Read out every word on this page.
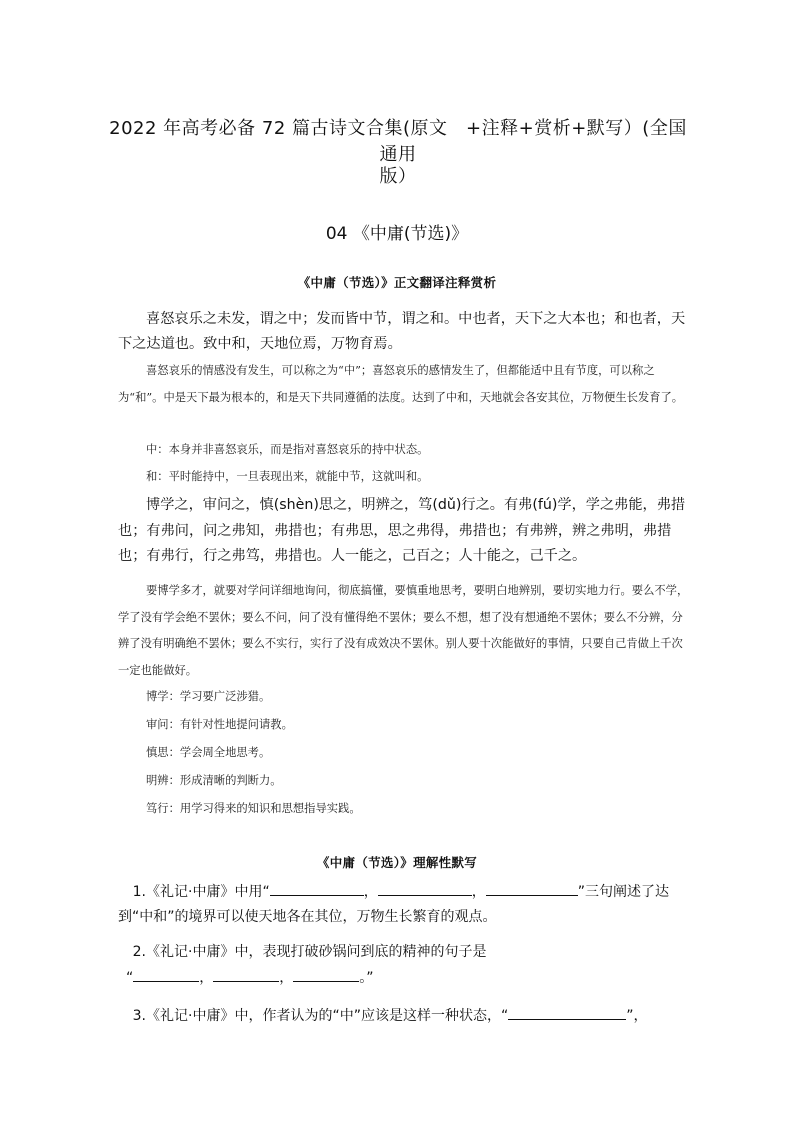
2022 年高考必备 72 篇古诗文合集(原文　+注释+赏析+默写）(全国通用
版）
04 《中庸(节选)》
《中庸（节选）》正文翻译注释赏析
喜怒哀乐之未发，谓之中；发而皆中节，谓之和。中也者，天下之大本也；和也者，天下之达道也。致中和，天地位焉，万物育焉。
喜怒哀乐的情感没有发生，可以称之为“中”；喜怒哀乐的感情发生了，但都能适中且有节度，可以称之为“和”。中是天下最为根本的，和是天下共同遵循的法度。达到了中和，天地就会各安其位，万物便生长发育了。
中：本身并非喜怒哀乐，而是指对喜怒哀乐的持中状态。
和：平时能持中，一旦表现出来，就能中节，这就叫和。
博学之，审问之，慎(shèn)思之，明辨之，笃(dǔ)行之。有弗(fú)学，学之弗能，弗措也；有弗问，问之弗知，弗措也；有弗思，思之弗得，弗措也；有弗辨，辨之弗明，弗措也；有弗行，行之弗笃，弗措也。人一能之，己百之；人十能之，己千之。
要博学多才，就要对学问详细地询问，彻底搞懂，要慎重地思考，要明白地辨别，要切实地力行。要么不学，学了没有学会绝不罢休；要么不问，问了没有懂得绝不罢休；要么不想，想了没有想通绝不罢休；要么不分辨，分辨了没有明确绝不罢休；要么不实行，实行了没有成效决不罢休。别人要十次能做好的事情，只要自己肯做上千次一定也能做好。
博学：学习要广泛涉猎。
审问：有针对性地提问请教。
慎思：学会周全地思考。
明辨：形成清晰的判断力。
笃行：用学习得来的知识和思想指导实践。
《中庸（节选）》理解性默写
1.《礼记·中庸》中用“	，	，	”三句阐述了达到“中和”的境界可以使天地各在其位，万物生长繁育的观点。
2.《礼记·中庸》中，表现打破砂锅问到底的精神的句子是
“	，	，	。”
3.《礼记·中庸》中，作者认为的“中”应该是这样一种状态，“	”，
